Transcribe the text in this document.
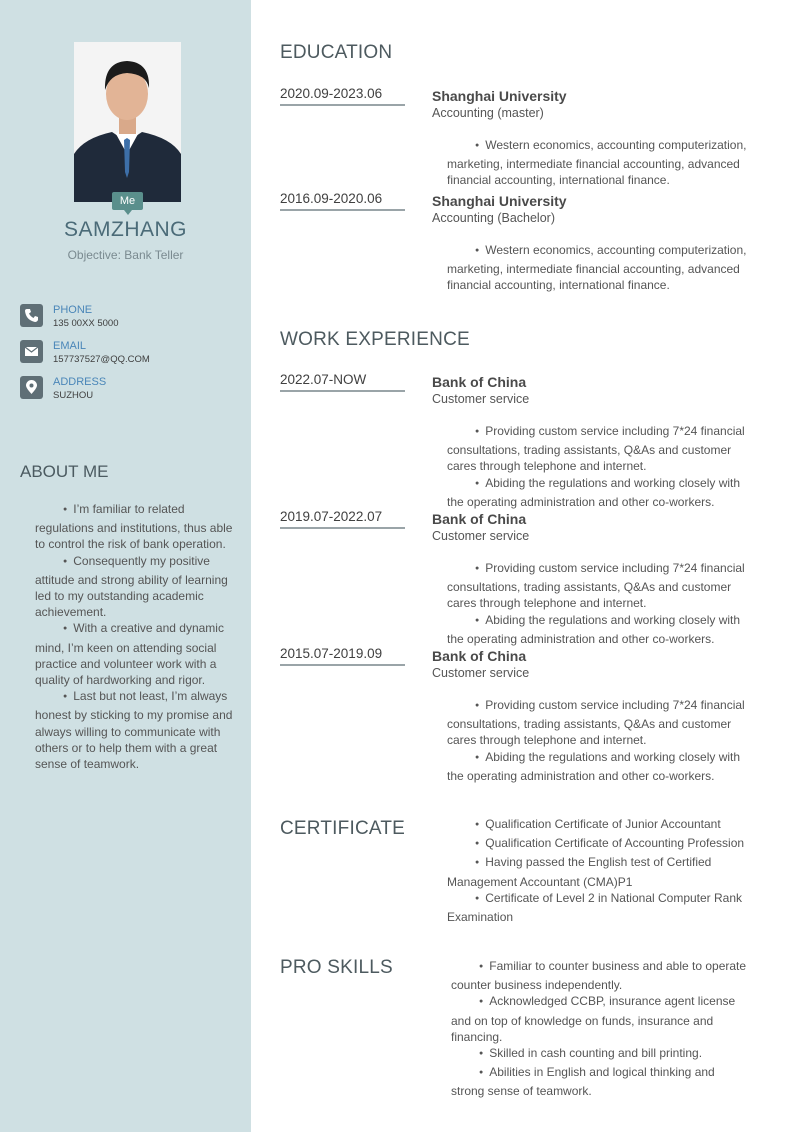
Me
SAMZHANG
Objective: Bank Teller
PHONE
135 00XX 5000
EMAIL
157737527@QQ.COM
ADDRESS
SUZHOU
ABOUT ME

● I’m familiar to related regulations and institutions, thus able to control the risk of bank operation.

● Consequently my positive attitude and strong ability of learning led to my outstanding academic achievement.

● With a creative and dynamic mind, I’m keen on attending social practice and volunteer work with a quality of hardworking and rigor.

● Last but not least, I’m always honest by sticking to my promise and always willing to communicate with others or to help them with a great sense of teamwork.

EDUCATION
2020.09-2023.06	Shanghai University
Accounting (master)

● Western economics, accounting computerization, marketing, intermediate financial accounting, advanced financial accounting, international finance.

2016.09-2020.06	Shanghai University
Accounting (Bachelor)

● Western economics, accounting computerization, marketing, intermediate financial accounting, advanced financial accounting, international finance.

WORK EXPERIENCE
2022.07-NOW	Bank of China
Customer service

● Providing custom service including 7*24 financial consultations, trading assistants, Q&As and customer cares through telephone and internet.

● Abiding the regulations and working closely with the operating administration and other co-workers.

2019.07-2022.07	Bank of China
Customer service

● Providing custom service including 7*24 financial consultations, trading assistants, Q&As and customer cares through telephone and internet.

● Abiding the regulations and working closely with the operating administration and other co-workers.

2015.07-2019.09	Bank of China
Customer service

● Providing custom service including 7*24 financial consultations, trading assistants, Q&As and customer cares through telephone and internet.

● Abiding the regulations and working closely with the operating administration and other co-workers.

CERTIFICATE ●	Qualification Certificate of Junior Accountant

● Qualification Certificate of Accounting Profession

● Having passed the English test of Certified Management Accountant (CMA)P1

● Certificate of Level 2 in National Computer Rank Examination

PRO SKILLS ●	Familiar to counter business and able to operate counter business independently.

● Acknowledged CCBP, insurance agent license and on top of knowledge on funds, insurance and financing.

● Skilled in cash counting and bill printing.

● Abilities in English and logical thinking and strong sense of teamwork.
